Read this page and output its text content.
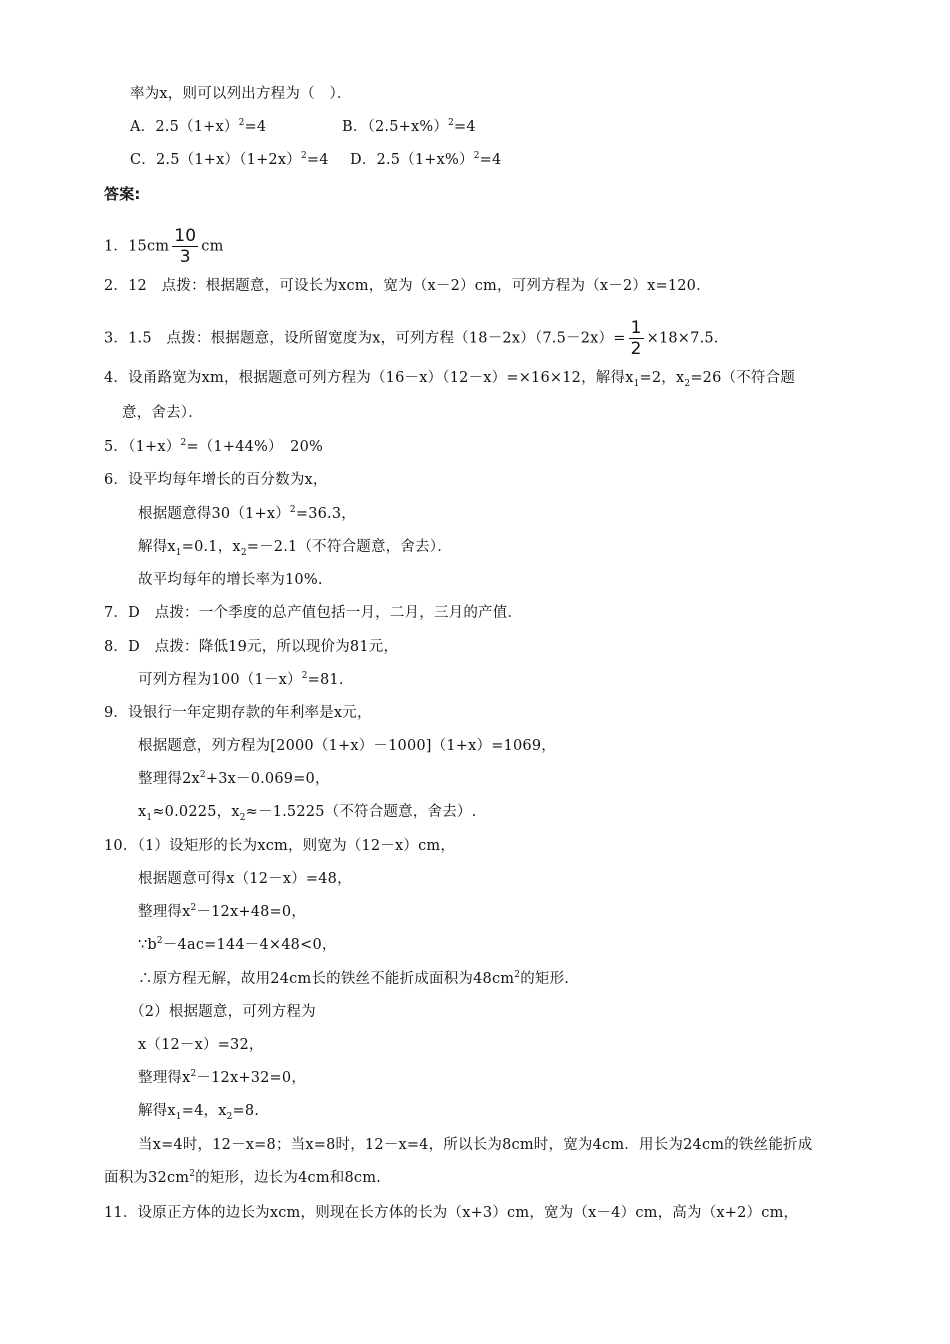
率为x，则可以列出方程为（　）．
A．$2.5(1+x)^2=4$	B．$(2.5+x\%)^2=4$
C．$2.5(1+x)(1+2x)^2=4$ D．$2.5(1+x\%)^2=4$
答案:
1．$15cm \frac{10}{3}$ cm
2．12　点拨：根据题意，可设长为xcm，宽为（x－2）cm，可列方程为（x－2）x=120．
3．1.5　点拨：根据题意，设所留宽度为x，可列方程$(18-2x)(7.5-2x)= \frac{1}{2} \times 18\times 7.5$．
4．设甬路宽为xm，根据题意可列方程为（16－x）（12－x）=×16×12，解得$x_1=2$，$x_2=26$（不符合题
意，舍去）．
5．$(1+x)^2=(1+44\%)$　20%
6．设平均每年增长的百分数为x，
根据题意得$30(1+x)^2=36.3$，
解得$x_1=0.1$，$x_2=-2.1$（不符合题意，舍去）．
故平均每年的增长率为10%.
7．D　点拨：一个季度的总产值包括一月，二月，三月的产值．
8．D　点拨：降低19元，所以现价为81元，
可列方程为$100(1-x)^2=81$.
9．设银行一年定期存款的年利率是x元，
根据题意，列方程为[2000（1+x）－1000]（1+x）=1069，
整理得$2x^2+3x-0.069=0$，
$x_1\approx 0.0225$，$x_2\approx-1.5225$（不符合题意，舍去）.
10．（1）设矩形的长为xcm，则宽为（12－x）cm，
根据题意可得x（12－x）=48，
整理得$x^2-12x+48=0$，
$\because b^2-4ac=144-4\times 48<0$，
∴原方程无解，故用24cm长的铁丝不能折成面积为$48cm^2$的矩形.
（2）根据题意，可列方程为
x（12－x）=32，
整理得$x^2-12x+32=0$，
解得$x_1=4$，$x_2=8$.
当x=4时，12－x=8；当x=8时，12－x=4，所以长为8cm时，宽为4cm．用长为24cm的铁丝能折成
面积为$32cm^2$的矩形，边长为4cm和8cm.
11．设原正方体的边长为xcm，则现在长方体的长为（x+3）cm，宽为（x－4）cm，高为（x+2）cm，
